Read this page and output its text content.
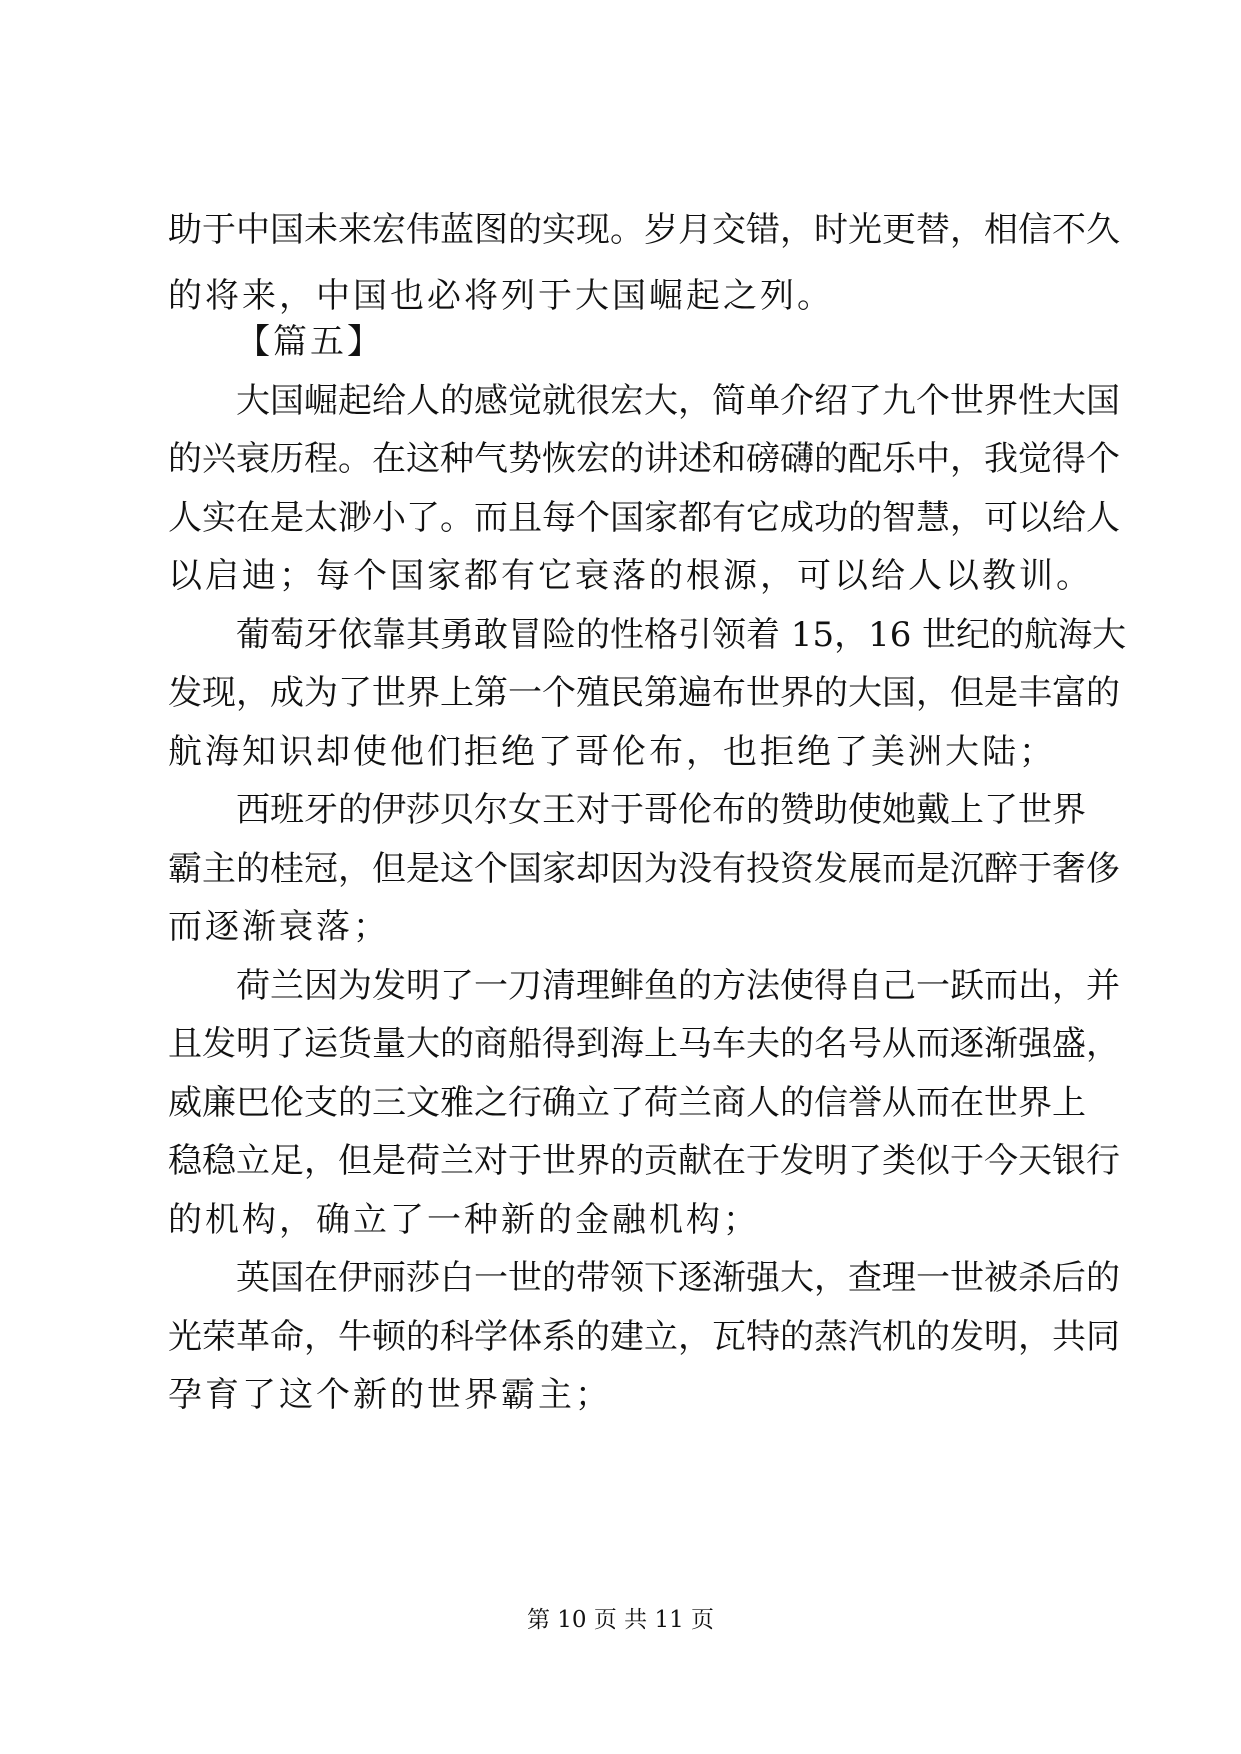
助于中国未来宏伟蓝图的实现。岁月交错，时光更替，相信不久
的将来，中国也必将列于大国崛起之列。
【篇五】
大国崛起给人的感觉就很宏大，简单介绍了九个世界性大国
的兴衰历程。在这种气势恢宏的讲述和磅礴的配乐中，我觉得个
人实在是太渺小了。而且每个国家都有它成功的智慧，可以给人
以启迪；每个国家都有它衰落的根源，可以给人以教训。
葡萄牙依靠其勇敢冒险的性格引领着 15，16 世纪的航海大
发现，成为了世界上第一个殖民第遍布世界的大国，但是丰富的
航海知识却使他们拒绝了哥伦布，也拒绝了美洲大陆；
西班牙的伊莎贝尔女王对于哥伦布的赞助使她戴上了世界
霸主的桂冠，但是这个国家却因为没有投资发展而是沉醉于奢侈
而逐渐衰落；
荷兰因为发明了一刀清理鲱鱼的方法使得自己一跃而出，并
且发明了运货量大的商船得到海上马车夫的名号从而逐渐强盛，
威廉巴伦支的三文雅之行确立了荷兰商人的信誉从而在世界上
稳稳立足，但是荷兰对于世界的贡献在于发明了类似于今天银行
的机构，确立了一种新的金融机构；
英国在伊丽莎白一世的带领下逐渐强大，查理一世被杀后的
光荣革命，牛顿的科学体系的建立，瓦特的蒸汽机的发明，共同
孕育了这个新的世界霸主；
第 10 页 共 11 页
